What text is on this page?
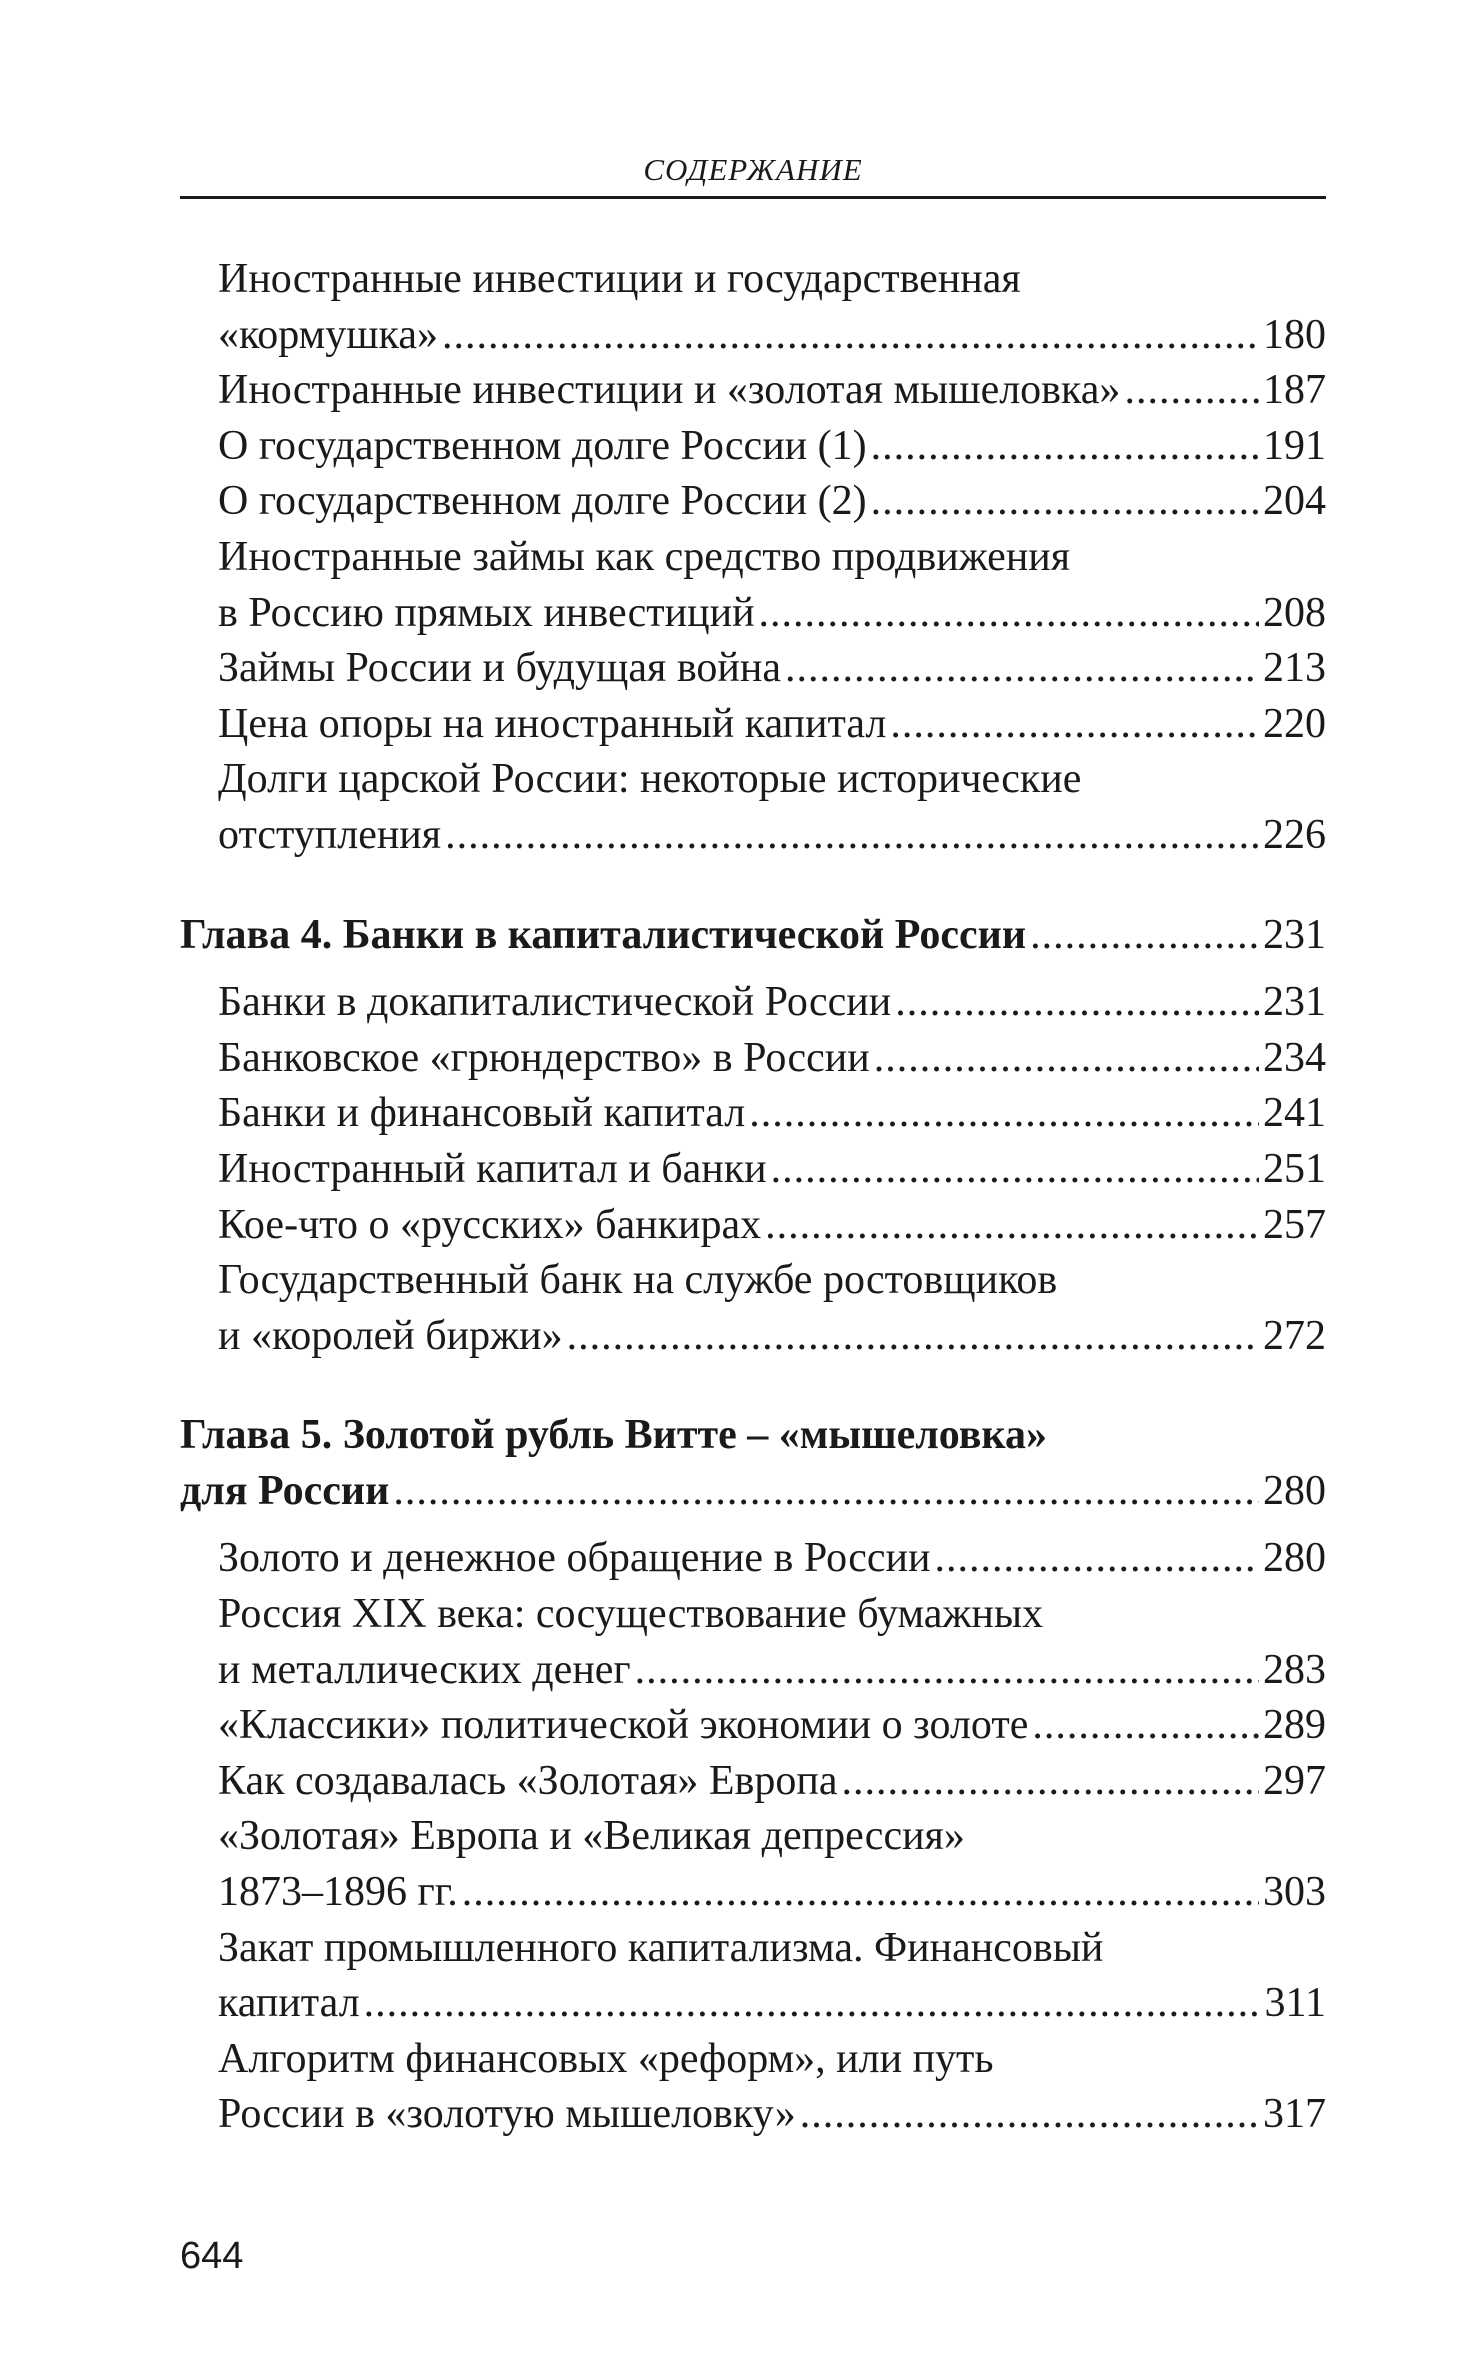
СОДЕРЖАНИЕ
Иностранные инвестиции и государственная
«кормушка» .....	180
Иностранные инвестиции и «золотая мышеловка» .....	187
О государственном долге России (1) .....	191
О государственном долге России (2) .....	204
Иностранные займы как средство продвижения
в Россию прямых инвестиций .....	208
Займы России и будущая война .....	213
Цена опоры на иностранный капитал .....	220
Долги царской России: некоторые исторические
отступления .....	226
Глава 4. Банки в капиталистической России .....	231
Банки в докапиталистической России .....	231
Банковское «грюндерство» в России .....	234
Банки и финансовый капитал .....	241
Иностранный капитал и банки .....	251
Кое-что о «русских» банкирах .....	257
Государственный банк на службе ростовщиков
и «королей биржи» .....	272
Глава 5. Золотой рубль Витте – «мышеловка»
для России .....	280
Золото и денежное обращение в России .....	280
Россия XIX века: сосуществование бумажных
и металлических денег .....	283
«Классики» политической экономии о золоте .....	289
Как создавалась «Золотая» Европа .....	297
«Золотая» Европа и «Великая депрессия»
1873–1896 гг. .....	303
Закат промышленного капитализма. Финансовый
капитал .....	311
Алгоритм финансовых «реформ», или путь
России в «золотую мышеловку» .....	317
644
